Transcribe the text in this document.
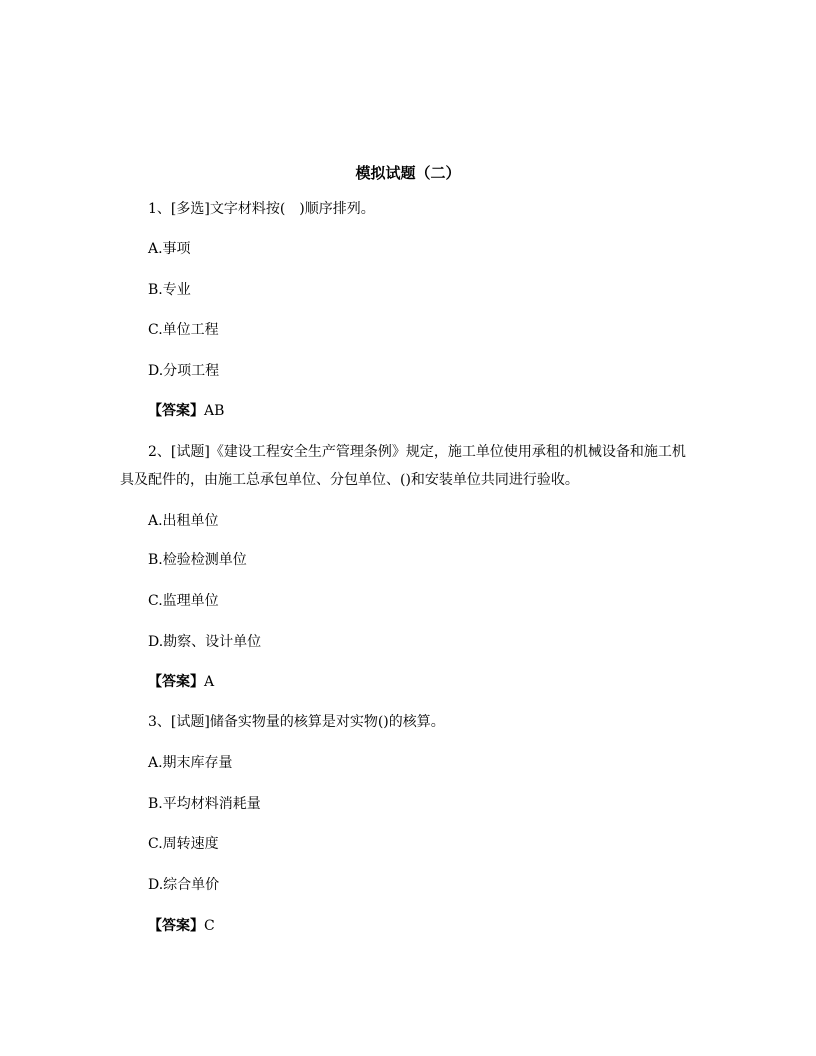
模拟试题（二）
1、[多选]文字材料按(　)顺序排列。
A.事项
B.专业
C.单位工程
D.分项工程
【答案】AB
2、[试题]《建设工程安全生产管理条例》规定，施工单位使用承租的机械设备和施工机
具及配件的，由施工总承包单位、分包单位、()和安装单位共同进行验收。
A.出租单位
B.检验检测单位
C.监理单位
D.勘察、设计单位
【答案】A
3、[试题]储备实物量的核算是对实物()的核算。
A.期末库存量
B.平均材料消耗量
C.周转速度
D.综合单价
【答案】C
